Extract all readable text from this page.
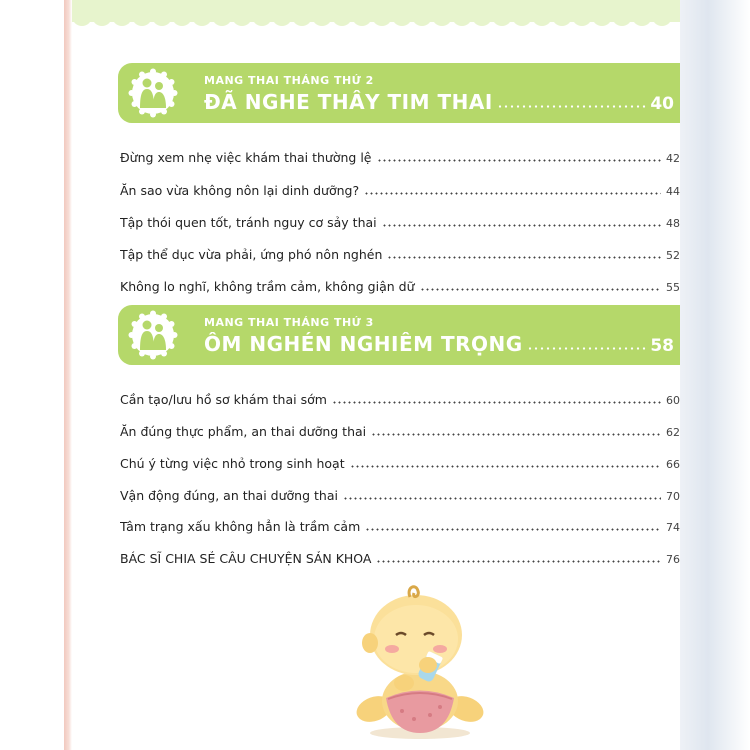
MANG THAI THÁNG THỨ 2
ĐÃ NGHE THẤY TIM THAI	40
Đừng xem nhẹ việc khám thai thường lệ	42
Ăn sao vừa không nôn lại dinh dưỡng?	44
Tập thói quen tốt, tránh nguy cơ sảy thai	48
Tập thể dục vừa phải, ứng phó nôn nghén	52
Không lo nghĩ, không trầm cảm, không giận dữ	55
MANG THAI THÁNG THỨ 3
ỐM NGHÉN NGHIÊM TRỌNG	58
Cần tạo/lưu hồ sơ khám thai sớm	60
Ăn đúng thực phẩm, an thai dưỡng thai	62
Chú ý từng việc nhỏ trong sinh hoạt	66
Vận động đúng, an thai dưỡng thai	70
Tâm trạng xấu không hẳn là trầm cảm	74
BÁC SĨ CHIA SẺ CÂU CHUYỆN SẢN KHOA	76
